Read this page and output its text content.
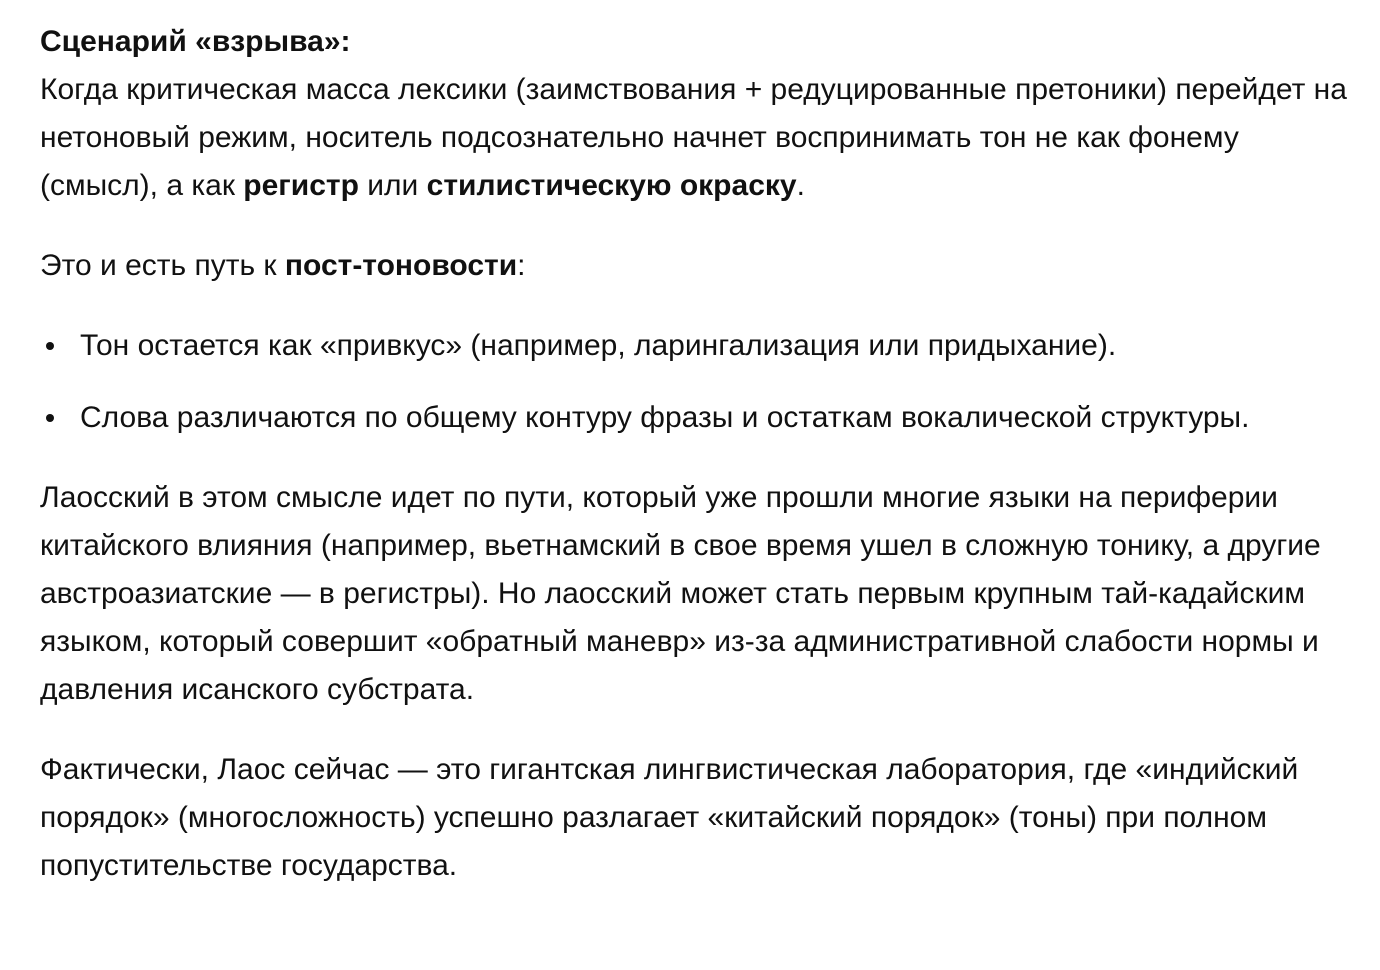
Сценарий «взрыва»:

Когда критическая масса лексики (заимствования + редуцированные претоники) перейдет на нетоновый режим, носитель подсознательно начнет воспринимать тон не как фонему (смысл), а как регистр или стилистическую окраску.

Это и есть путь к пост-тоновости:

Тон остается как «привкус» (например, ларингализация или придыхание).
Слова различаются по общему контуру фразы и остаткам вокалической структуры.

Лаосский в этом смысле идет по пути, который уже прошли многие языки на периферии китайского влияния (например, вьетнамский в свое время ушел в сложную тонику, а другие австроазиатские — в регистры). Но лаосский может стать первым крупным тай-кадайским языком, который совершит «обратный маневр» из-за административной слабости нормы и давления исанского субстрата.

Фактически, Лаос сейчас — это гигантская лингвистическая лаборатория, где «индийский порядок» (многосложность) успешно разлагает «китайский порядок» (тоны) при полном попустительстве государства.
